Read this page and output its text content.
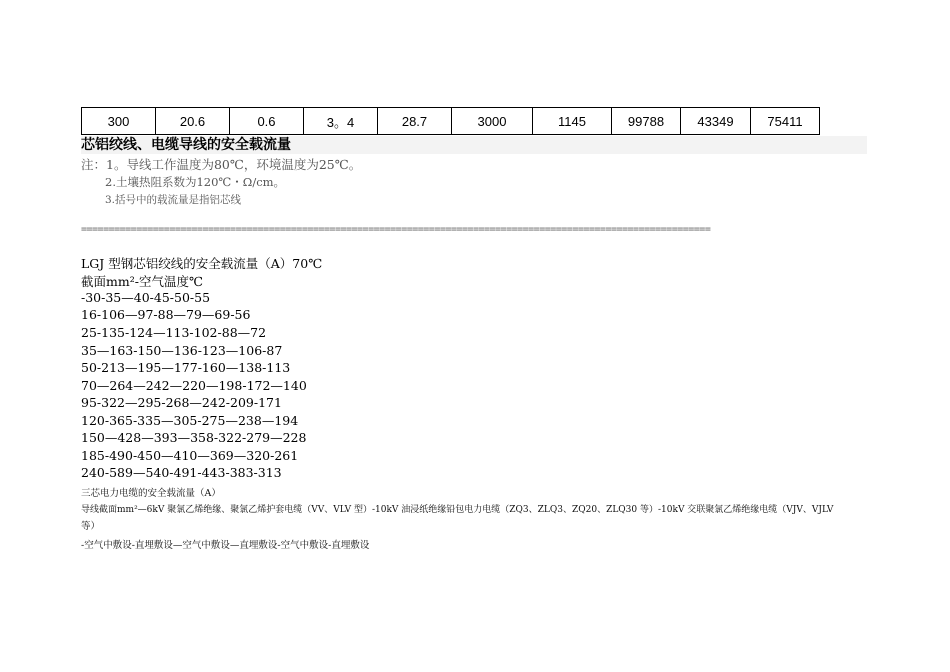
300	20.6	0.6	3。4	28.7	3000	1145	99788	43349	75411
芯铝绞线、电缆导线的安全载流量
注：1。导线工作温度为80℃，环境温度为25℃。
2.土壤热阻系数为120℃・Ω/cm。
3.括号中的载流量是指铝芯线
==================================================================================================================
LGJ 型钢芯铝绞线的安全载流量（A）70℃
截面mm²-空气温度℃
-30-35—40-45-50-55
16-106—97-88—79—69-56
25-135-124—113-102-88—72
35—163-150—136-123—106-87
50-213—195—177-160—138-113
70—264—242—220—198-172—140
95-322—295-268—242-209-171
120-365-335—305-275—238—194
150—428—393—358-322-279—228
185-490-450—410—369—320-261
240-589—540-491-443-383-313
三芯电力电缆的安全载流量（A）
导线截面mm²—6kV 聚氯乙烯绝缘、聚氯乙烯护套电缆（VV、VLV 型）-10kV 油浸纸绝缘铅包电力电缆（ZQ3、ZLQ3、ZQ20、ZLQ30 等）-10kV 交联聚氯乙烯绝缘电缆（VJV、VJLV
等）
-空气中敷设-直埋敷设—空气中敷设—直埋敷设-空气中敷设-直埋敷设
